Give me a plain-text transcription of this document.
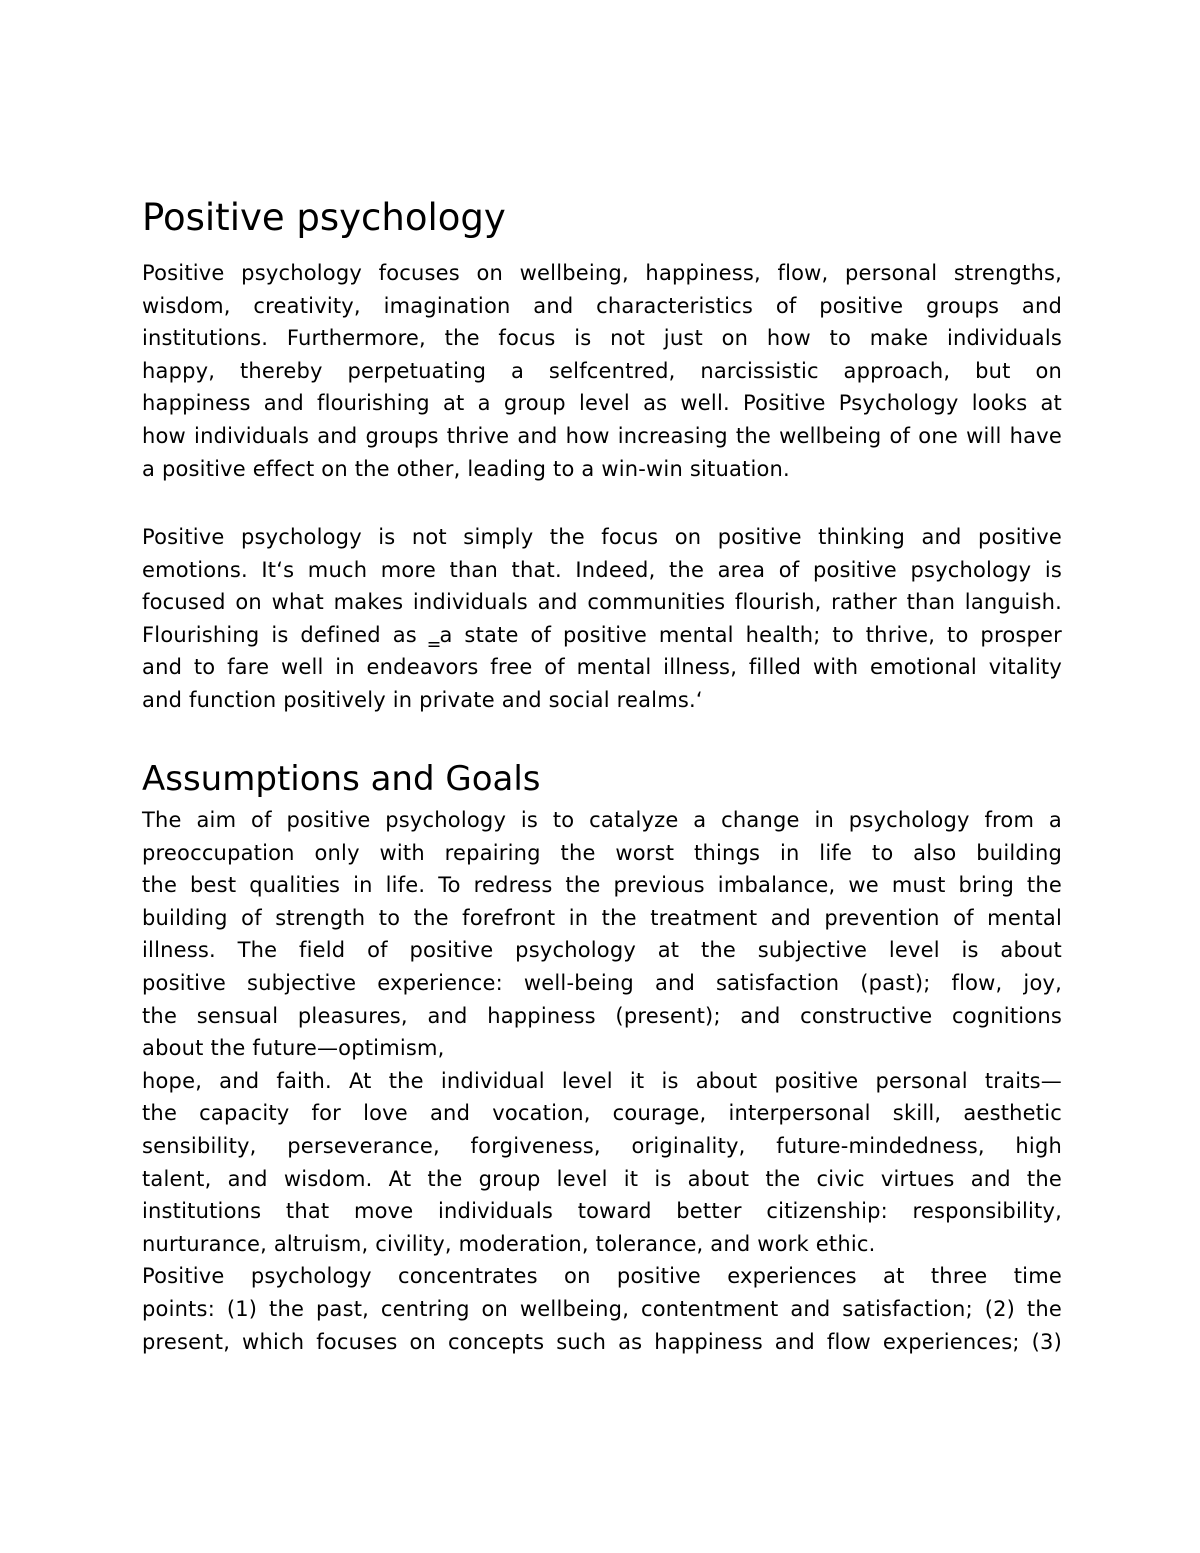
Positive psychology
Positive psychology focuses on wellbeing, happiness, flow, personal strengths,
wisdom, creativity, imagination and characteristics of positive groups and
institutions. Furthermore, the focus is not just on how to make individuals
happy, thereby perpetuating a selfcentred, narcissistic approach, but on
happiness and flourishing at a group level as well. Positive Psychology looks at
how individuals and groups thrive and how increasing the wellbeing of one will have
a positive effect on the other, leading to a win-win situation.
Positive psychology is not simply the focus on positive thinking and positive
emotions. It‘s much more than that. Indeed, the area of positive psychology is
focused on what makes individuals and communities flourish, rather than languish.
Flourishing is defined as ‗a state of positive mental health; to thrive, to prosper
and to fare well in endeavors free of mental illness, filled with emotional vitality
and function positively in private and social realms.‘
Assumptions and Goals
The aim of positive psychology is to catalyze a change in psychology from a
preoccupation only with repairing the worst things in life to also building
the best qualities in life. To redress the previous imbalance, we must bring the
building of strength to the forefront in the treatment and prevention of mental
illness. The field of positive psychology at the subjective level is about
positive subjective experience: well-being and satisfaction (past); flow, joy,
the sensual pleasures, and happiness (present); and constructive cognitions
about the future—optimism,
hope, and faith. At the individual level it is about positive personal traits—
the capacity for love and vocation, courage, interpersonal skill, aesthetic
sensibility, perseverance, forgiveness, originality, future-mindedness, high
talent, and wisdom. At the group level it is about the civic virtues and the
institutions that move individuals toward better citizenship: responsibility,
nurturance, altruism, civility, moderation, tolerance, and work ethic.
Positive psychology concentrates on positive experiences at three time
points: (1) the past, centring on wellbeing, contentment and satisfaction; (2) the
present, which focuses on concepts such as happiness and flow experiences; (3)
